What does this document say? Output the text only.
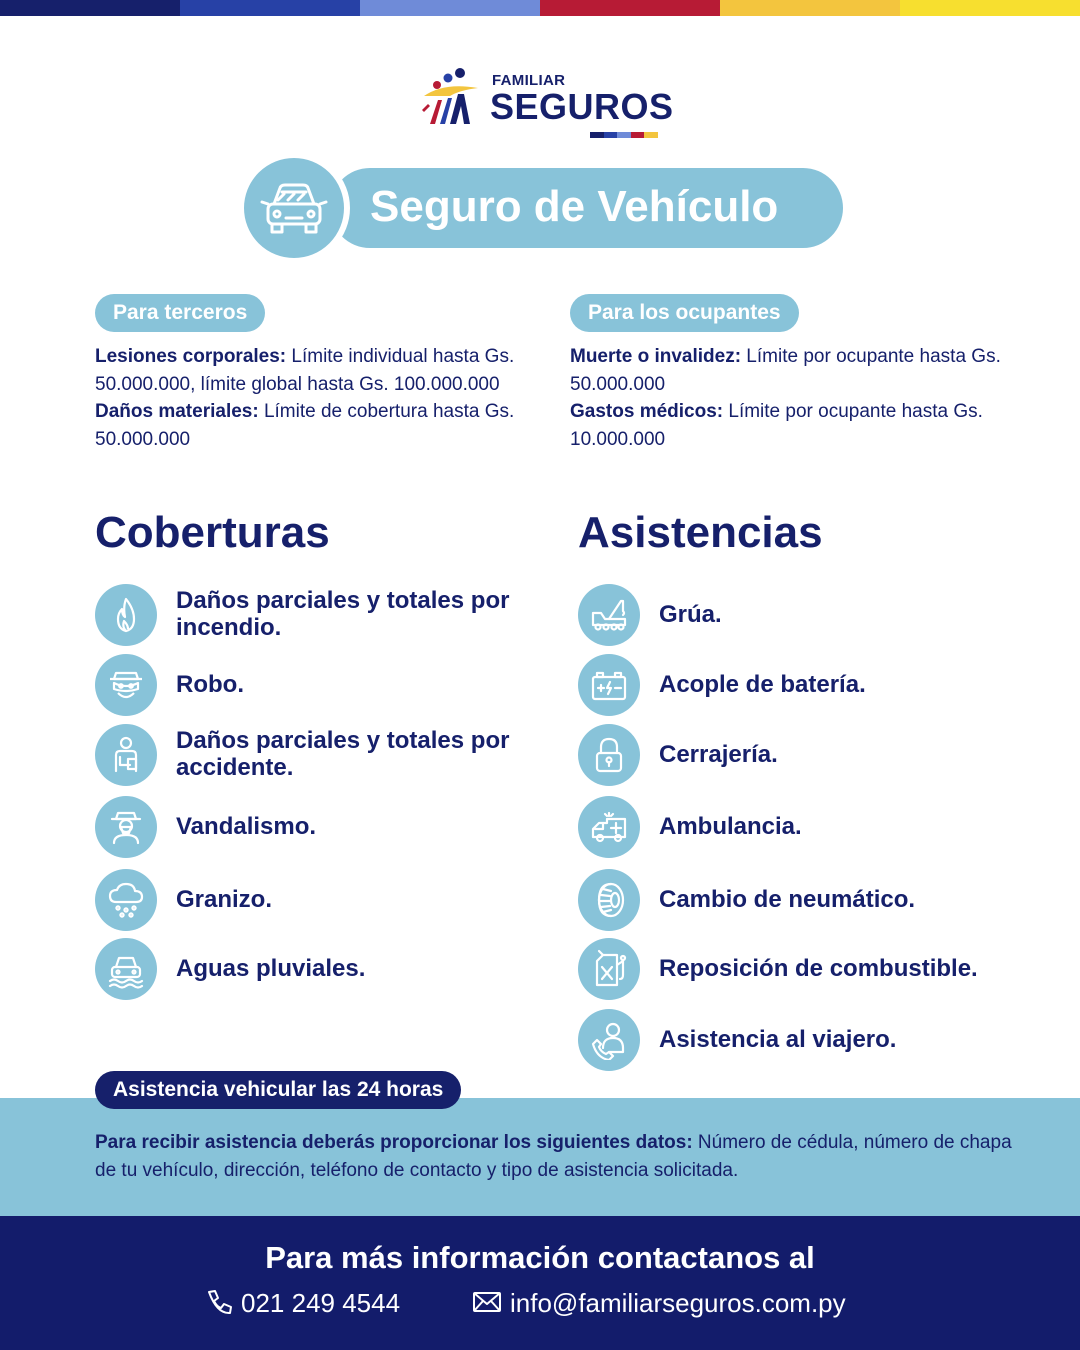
FAMILIAR
SEGUROS
Seguro de Vehículo
Para terceros
Lesiones corporales: Límite individual hasta Gs. 50.000.000, límite global hasta Gs. 100.000.000
Daños materiales: Límite de cobertura hasta Gs. 50.000.000
Para los ocupantes
Muerte o invalidez: Límite por ocupante hasta Gs. 50.000.000
Gastos médicos: Límite por ocupante hasta Gs. 10.000.000
Coberturas
Daños parciales y totales por incendio.
Robo.
Daños parciales y totales por accidente.
Vandalismo.
Granizo.
Aguas pluviales.
Asistencias
Grúa.
Acople de batería.
Cerrajería.
Ambulancia.
Cambio de neumático.
Reposición de combustible.
Asistencia al viajero.
Asistencia vehicular las 24 horas
Para recibir asistencia deberás proporcionar los siguientes datos: Número de cédula, número de chapa de tu vehículo, dirección, teléfono de contacto y tipo de asistencia solicitada.
Para más información contactanos al
021 249 4544	info@familiarseguros.com.py
